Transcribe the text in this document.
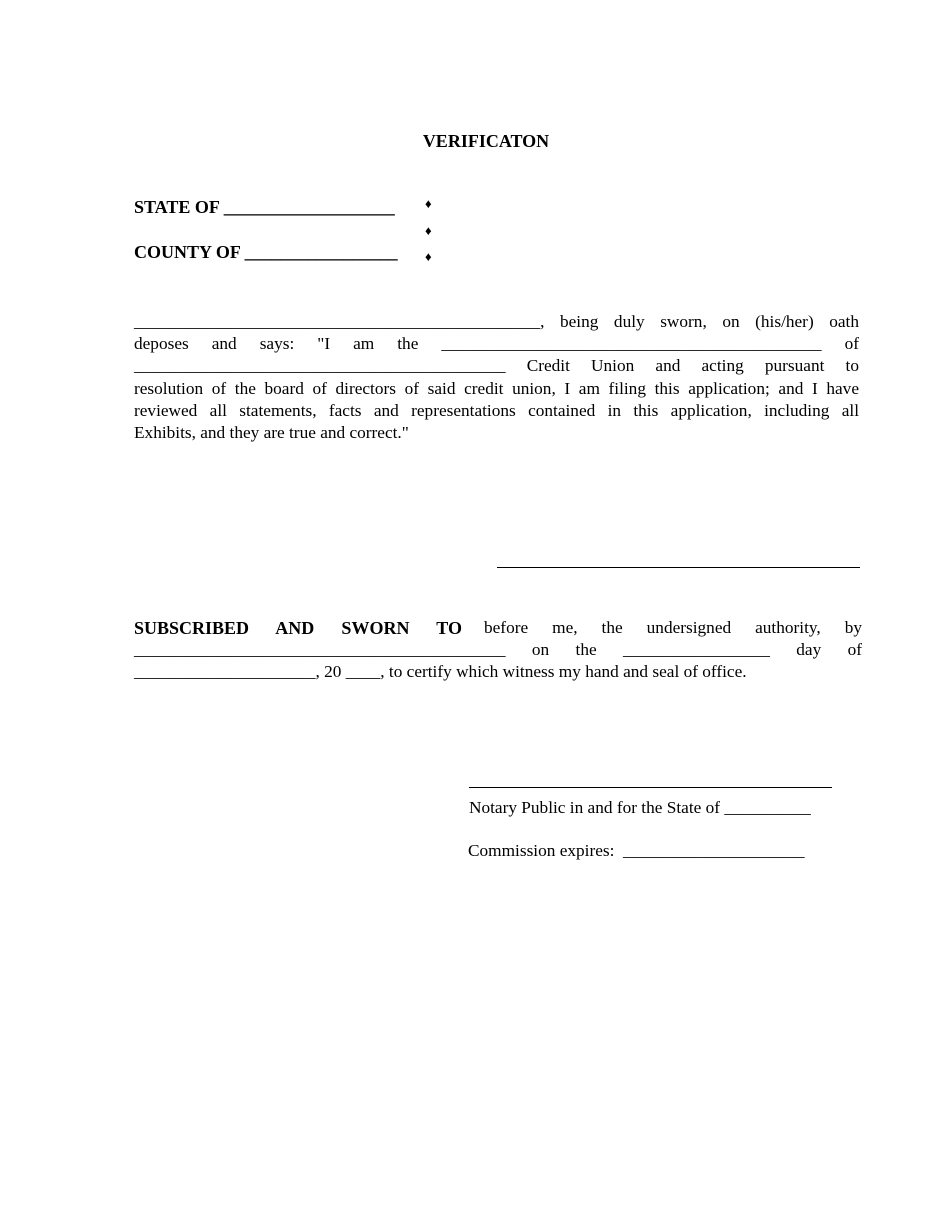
VERIFICATON
STATE OF ___________________
COUNTY OF _________________
♦
♦
♦
_______________________________________________, being duly sworn, on (his/her) oath
deposes and says: "I am the ____________________________________________ of
___________________________________________ Credit Union and acting pursuant to
resolution of the board of directors of said credit union, I am filing this application; and I have
reviewed all statements, facts and representations contained in this application, including all
Exhibits, and they are true and correct."
SUBSCRIBED AND SWORN TO before me, the undersigned authority, by
___________________________________________ on the _________________ day of
_____________________, 20 ____, to certify which witness my hand and seal of office.
Notary Public in and for the State of __________
Commission expires:  _____________________
